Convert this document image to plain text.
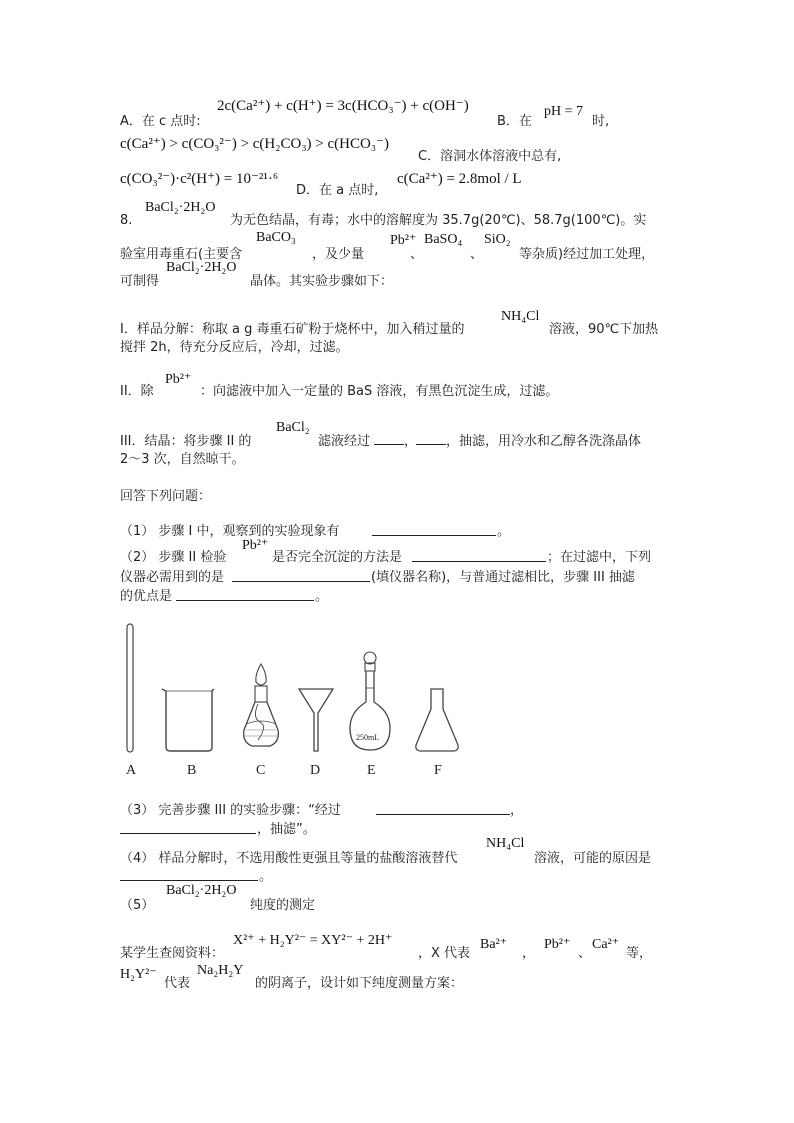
A．在 c 点时:
2c(Ca²⁺) + c(H⁺) = 3c(HCO₃⁻) + c(OH⁻)
B．在
pH = 7
时,
c(Ca²⁺) > c(CO₃²⁻) > c(H₂CO₃) > c(HCO₃⁻)
C．溶洞水体溶液中总有,
c(CO₃²⁻)·c²(H⁺) = 10⁻²¹·⁶
D．在 a 点时,
c(Ca²⁺) = 2.8mol / L
8.
BaCl₂·2H₂O
为无色结晶，有毒；水中的溶解度为 35.7g(20℃)、58.7g(100℃)。实
验室用毒重石(主要含
BaCO₃
，及少量
Pb²⁺
、
BaSO₄
、
SiO₂
等杂质)经过加工处理，
可制得
BaCl₂·2H₂O
晶体。其实验步骤如下：
I．样品分解：称取 a g 毒重石矿粉于烧杯中，加入稍过量的
NH₄Cl
溶液，90℃下加热
搅拌 2h，待充分反应后，冷却，过滤。
II．除
Pb²⁺
：向滤液中加入一定量的 BaS 溶液，有黑色沉淀生成，过滤。
III．结晶：将步骤 II 的
BaCl₂
滤液经过	， ，抽滤，用冷水和乙醇各洗涤晶体
2～3 次，自然晾干。
回答下列问题：
（1） 步骤 I 中，观察到的实验现象有	。
（2） 步骤 II 检验
Pb²⁺
是否完全沉淀的方法是	；在过滤中，下列
仪器必需用到的是	(填仪器名称)，与普通过滤相比，步骤 III 抽滤
的优点是	。
250mL
A	B	C	D	E	F
（3） 完善步骤 III 的实验步骤：“经过	，
，抽滤”。
（4） 样品分解时，不选用酸性更强且等量的盐酸溶液替代
NH₄Cl
溶液，可能的原因是
。
（5）
BaCl₂·2H₂O
纯度的测定
某学生查阅资料：
X²⁺ + H₂Y²⁻ = XY²⁻ + 2H⁺
，X 代表
Ba²⁺
，
Pb²⁺
、
Ca²⁺
等，
H₂Y²⁻
代表
Na₂H₂Y
的阴离子，设计如下纯度测量方案：
